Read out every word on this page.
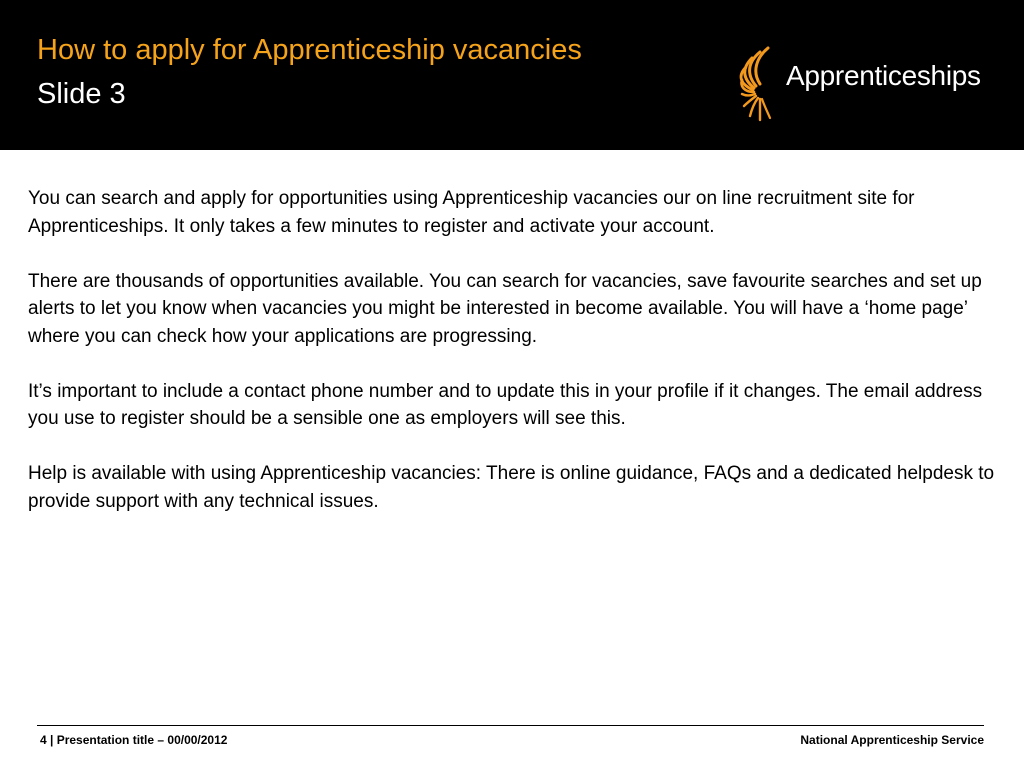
How to apply for Apprenticeship vacancies
Slide 3
Apprenticeships

You can search and apply for opportunities using Apprenticeship vacancies our on line recruitment site for Apprenticeships. It only takes a few minutes to register and activate your account.

There are thousands of opportunities available. You can search for vacancies, save favourite searches and set up alerts to let you know when vacancies you might be interested in become available. You will have a ‘home page’ where you can check how your applications are progressing.

It’s important to include a contact phone number and to update this in your profile if it changes. The email address you use to register should be a sensible one as employers will see this.

Help is available with using Apprenticeship vacancies: There is online guidance, FAQs and a dedicated helpdesk to provide support with any technical issues.

4 | Presentation title – 00/00/2012	National Apprenticeship Service
